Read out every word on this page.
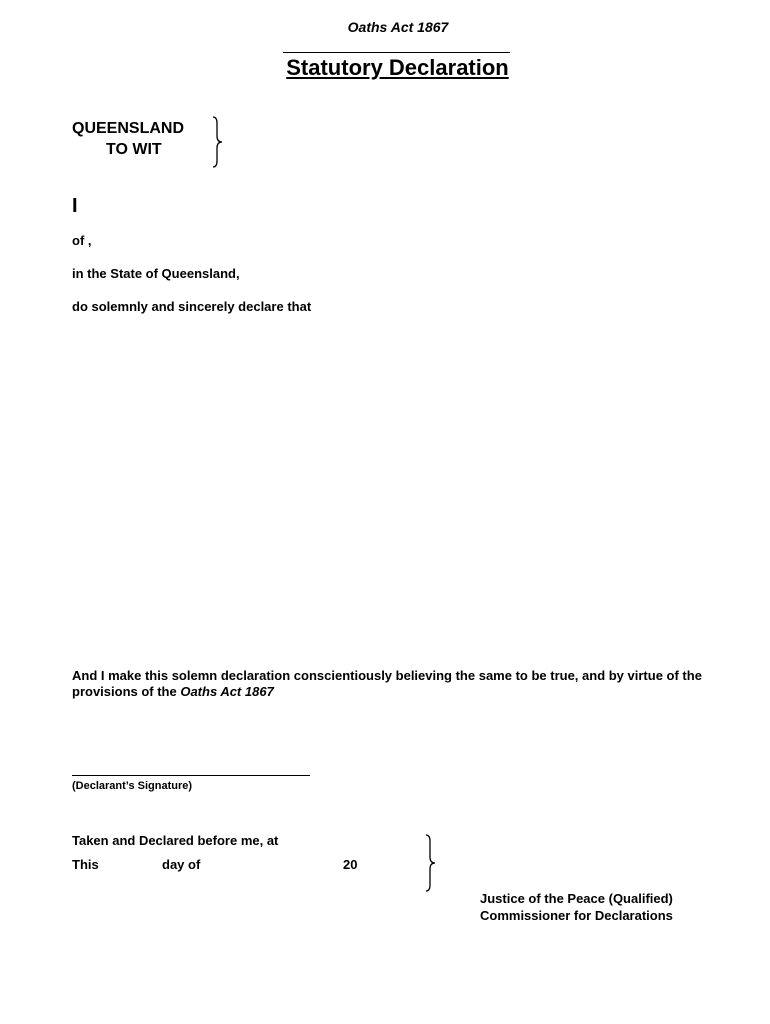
Oaths Act 1867
Statutory Declaration
QUEENSLAND
TO WIT
I
of ,
in the State of Queensland,
do solemnly and sincerely declare that
And I make this solemn declaration conscientiously believing the same to be true, and by virtue of the provisions of the Oaths Act 1867
(Declarant’s Signature)
Taken and Declared before me, at
This	day of	20
Justice of the Peace (Qualified)
Commissioner for Declarations
